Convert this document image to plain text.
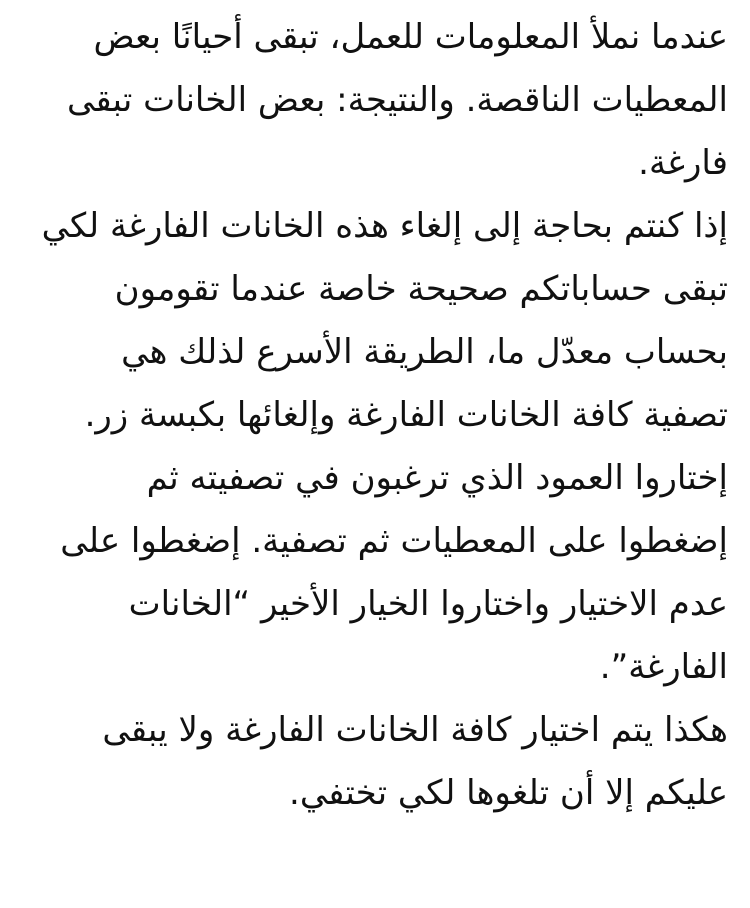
عندما نملأ المعلومات للعمل، تبقى أحيانًا بعض المعطيات الناقصة. والنتيجة: بعض الخانات تبقى فارغة.

إذا كنتم بحاجة إلى إلغاء هذه الخانات الفارغة لكي تبقى حساباتكم صحيحة خاصة عندما تقومون بحساب معدّل ما، الطريقة الأسرع لذلك هي تصفية كافة الخانات الفارغة وإلغائها بكبسة زر.

إختاروا العمود الذي ترغبون في تصفيته ثم إضغطوا على المعطيات ثم تصفية. إضغطوا على عدم الاختيار واختاروا الخيار الأخير “الخانات الفارغة”.

هكذا يتم اختيار كافة الخانات الفارغة ولا يبقى عليكم إلا أن تلغوها لكي تختفي.
